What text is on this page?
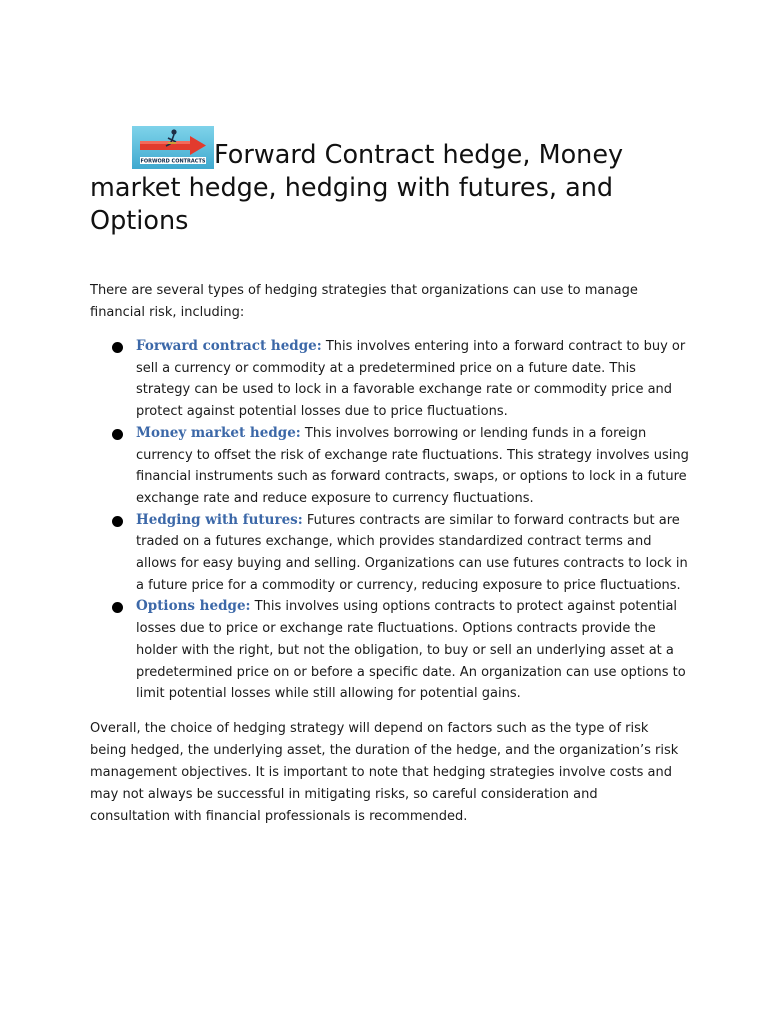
FORWORD CONTRACTS Forward Contract hedge, Money market hedge, hedging with futures, and Options

There are several types of hedging strategies that organizations can use to manage financial risk, including:

Forward contract hedge: This involves entering into a forward contract to buy or sell a currency or commodity at a predetermined price on a future date. This strategy can be used to lock in a favorable exchange rate or commodity price and protect against potential losses due to price fluctuations.
Money market hedge: This involves borrowing or lending funds in a foreign currency to offset the risk of exchange rate fluctuations. This strategy involves using financial instruments such as forward contracts, swaps, or options to lock in a future exchange rate and reduce exposure to currency fluctuations.
Hedging with futures: Futures contracts are similar to forward contracts but are traded on a futures exchange, which provides standardized contract terms and allows for easy buying and selling. Organizations can use futures contracts to lock in a future price for a commodity or currency, reducing exposure to price fluctuations.
Options hedge: This involves using options contracts to protect against potential losses due to price or exchange rate fluctuations. Options contracts provide the holder with the right, but not the obligation, to buy or sell an underlying asset at a predetermined price on or before a specific date. An organization can use options to limit potential losses while still allowing for potential gains.

Overall, the choice of hedging strategy will depend on factors such as the type of risk being hedged, the underlying asset, the duration of the hedge, and the organization’s risk management objectives. It is important to note that hedging strategies involve costs and may not always be successful in mitigating risks, so careful consideration and consultation with financial professionals is recommended.
